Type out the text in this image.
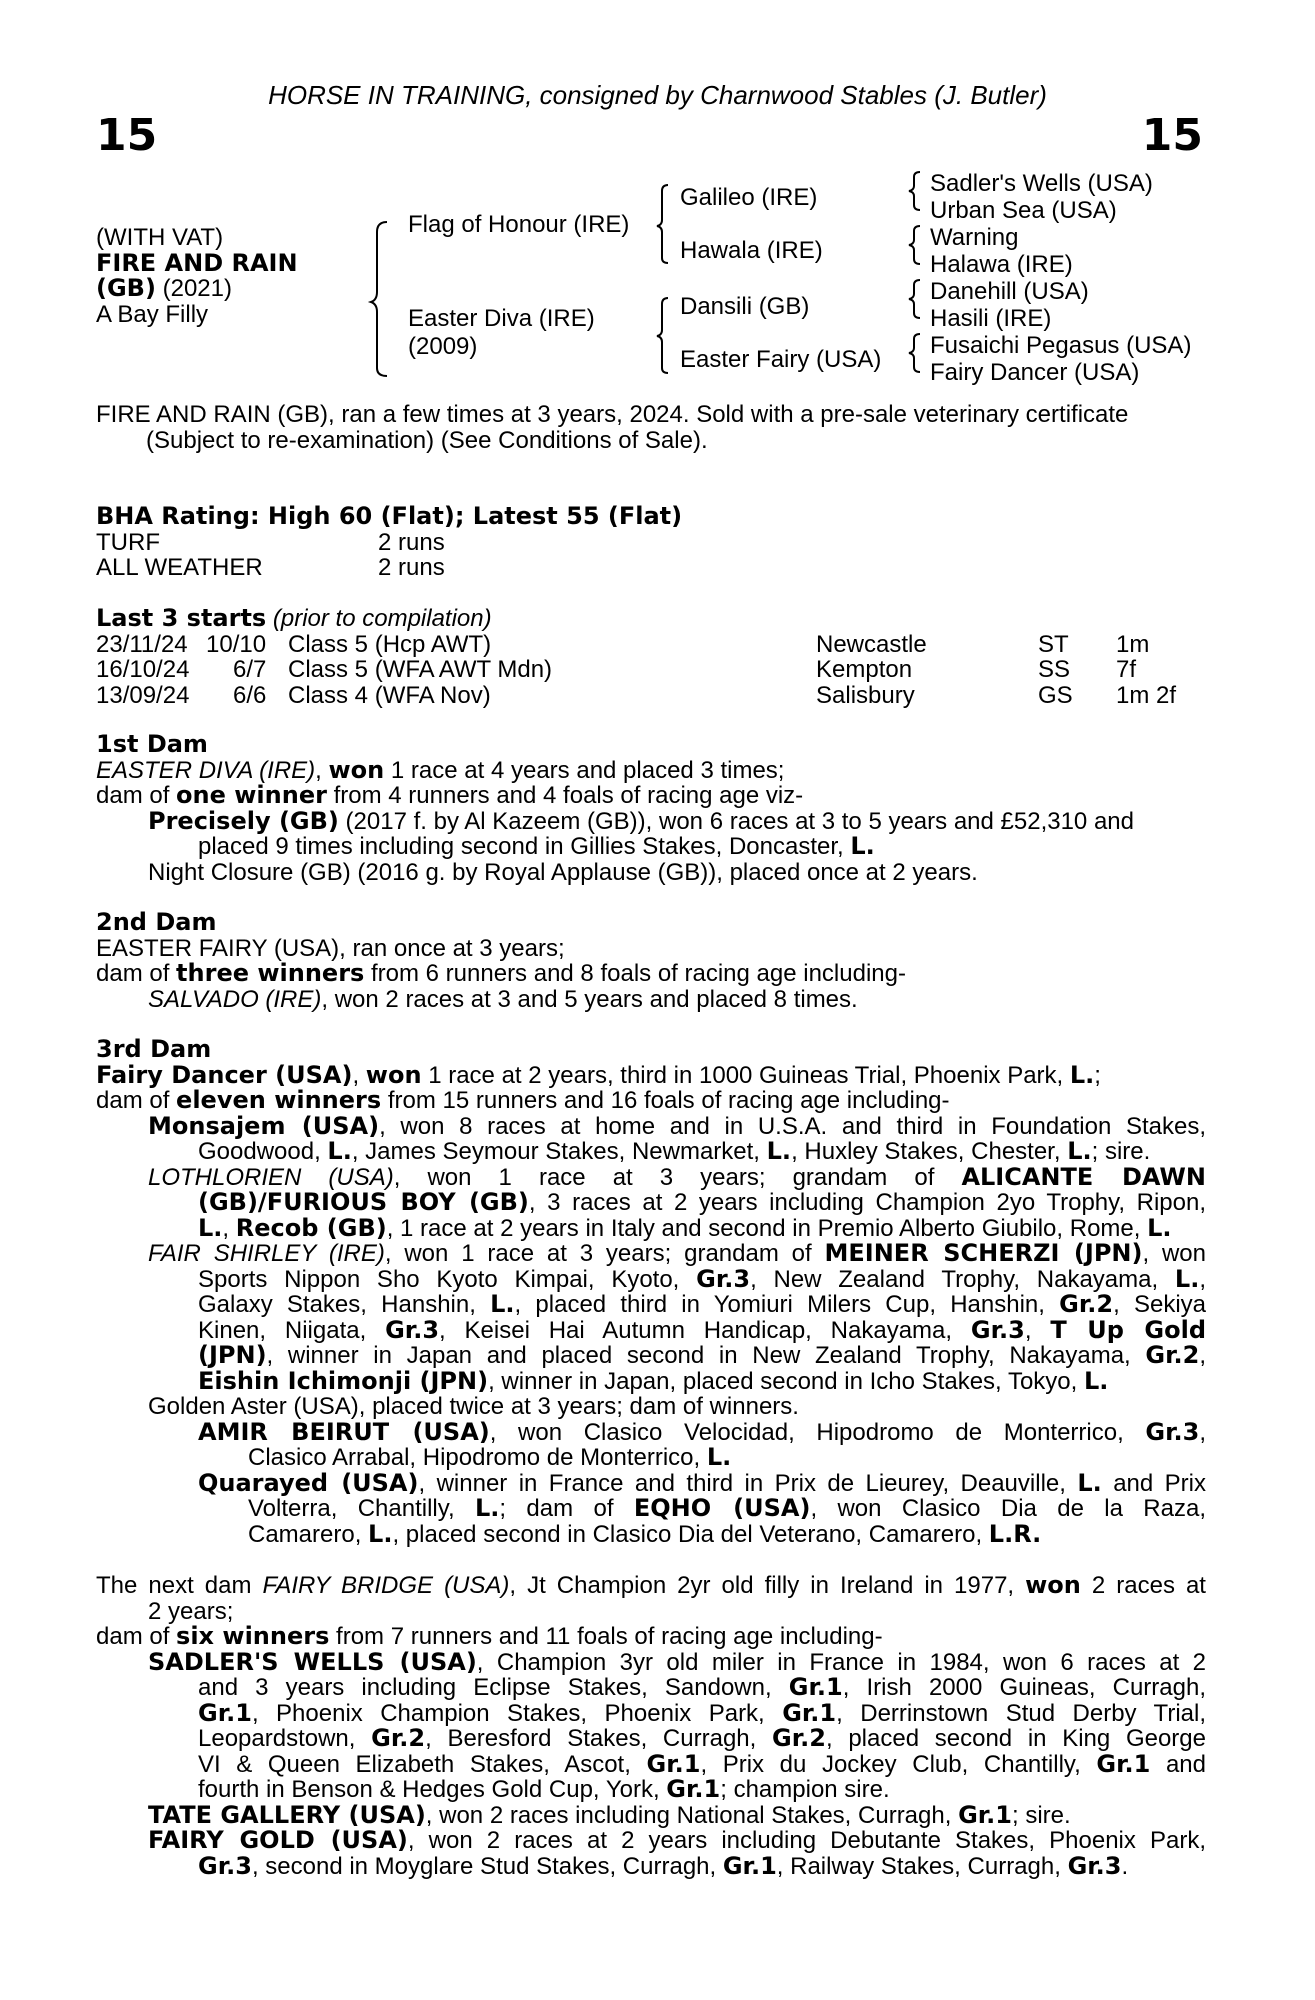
15	15
HORSE IN TRAINING, consigned by Charnwood Stables (J. Butler)
(WITH VAT)
FIRE AND RAIN
(GB) (2021)
A Bay Filly
Flag of Honour (IRE)
Easter Diva (IRE)
(2009)
Galileo (IRE)
Hawala (IRE)
Dansili (GB)
Easter Fairy (USA)
Sadler's Wells (USA)
Urban Sea (USA)
Warning
Halawa (IRE)
Danehill (USA)
Hasili (IRE)
Fusaichi Pegasus (USA)
Fairy Dancer (USA)
FIRE AND RAIN (GB), ran a few times at 3 years, 2024. Sold with a pre-sale veterinary certificate
(Subject to re-examination) (See Conditions of Sale).
BHA Rating: High 60 (Flat); Latest 55 (Flat)
TURF	2 runs
ALL WEATHER	2 runs
Last 3 starts (prior to compilation)
23/11/24 10/10 Class 5 (Hcp AWT)	Newcastle	ST 1m

16/10/24 6/7 Class 5 (WFA AWT Mdn)	Kempton	SS 7f

13/09/24 6/6 Class 4 (WFA Nov)	Salisbury	GS 1m 2f

1st Dam
EASTER DIVA (IRE), won 1 race at 4 years and placed 3 times;
dam of one winner from 4 runners and 4 foals of racing age viz-
Precisely (GB) (2017 f. by Al Kazeem (GB)), won 6 races at 3 to 5 years and £52,310 and
placed 9 times including second in Gillies Stakes, Doncaster, L.
Night Closure (GB) (2016 g. by Royal Applause (GB)), placed once at 2 years.
2nd Dam
EASTER FAIRY (USA), ran once at 3 years;
dam of three winners from 6 runners and 8 foals of racing age including-
SALVADO (IRE), won 2 races at 3 and 5 years and placed 8 times.
3rd Dam
Fairy Dancer (USA), won 1 race at 2 years, third in 1000 Guineas Trial, Phoenix Park, L.;
dam of eleven winners from 15 runners and 16 foals of racing age including-
Monsajem (USA), won 8 races at home and in U.S.A. and third in Foundation Stakes,
Goodwood, L., James Seymour Stakes, Newmarket, L., Huxley Stakes, Chester, L.; sire.
LOTHLORIEN (USA), won 1 race at 3 years; grandam of ALICANTE DAWN
(GB)/FURIOUS BOY (GB), 3 races at 2 years including Champion 2yo Trophy, Ripon,
L., Recob (GB), 1 race at 2 years in Italy and second in Premio Alberto Giubilo, Rome, L.
FAIR SHIRLEY (IRE), won 1 race at 3 years; grandam of MEINER SCHERZI (JPN), won
Sports Nippon Sho Kyoto Kimpai, Kyoto, Gr.3, New Zealand Trophy, Nakayama, L.,
Galaxy Stakes, Hanshin, L., placed third in Yomiuri Milers Cup, Hanshin, Gr.2, Sekiya
Kinen, Niigata, Gr.3, Keisei Hai Autumn Handicap, Nakayama, Gr.3, T Up Gold
(JPN), winner in Japan and placed second in New Zealand Trophy, Nakayama, Gr.2,
Eishin Ichimonji (JPN), winner in Japan, placed second in Icho Stakes, Tokyo, L.
Golden Aster (USA), placed twice at 3 years; dam of winners.
AMIR BEIRUT (USA), won Clasico Velocidad, Hipodromo de Monterrico, Gr.3,
Clasico Arrabal, Hipodromo de Monterrico, L.
Quarayed (USA), winner in France and third in Prix de Lieurey, Deauville, L. and Prix
Volterra, Chantilly, L.; dam of EQHO (USA), won Clasico Dia de la Raza,
Camarero, L., placed second in Clasico Dia del Veterano, Camarero, L.R.
The next dam FAIRY BRIDGE (USA), Jt Champion 2yr old filly in Ireland in 1977, won 2 races at
2 years;
dam of six winners from 7 runners and 11 foals of racing age including-
SADLER'S WELLS (USA), Champion 3yr old miler in France in 1984, won 6 races at 2
and 3 years including Eclipse Stakes, Sandown, Gr.1, Irish 2000 Guineas, Curragh,
Gr.1, Phoenix Champion Stakes, Phoenix Park, Gr.1, Derrinstown Stud Derby Trial,
Leopardstown, Gr.2, Beresford Stakes, Curragh, Gr.2, placed second in King George
VI & Queen Elizabeth Stakes, Ascot, Gr.1, Prix du Jockey Club, Chantilly, Gr.1 and
fourth in Benson & Hedges Gold Cup, York, Gr.1; champion sire.
TATE GALLERY (USA), won 2 races including National Stakes, Curragh, Gr.1; sire.
FAIRY GOLD (USA), won 2 races at 2 years including Debutante Stakes, Phoenix Park,
Gr.3, second in Moyglare Stud Stakes, Curragh, Gr.1, Railway Stakes, Curragh, Gr.3.
